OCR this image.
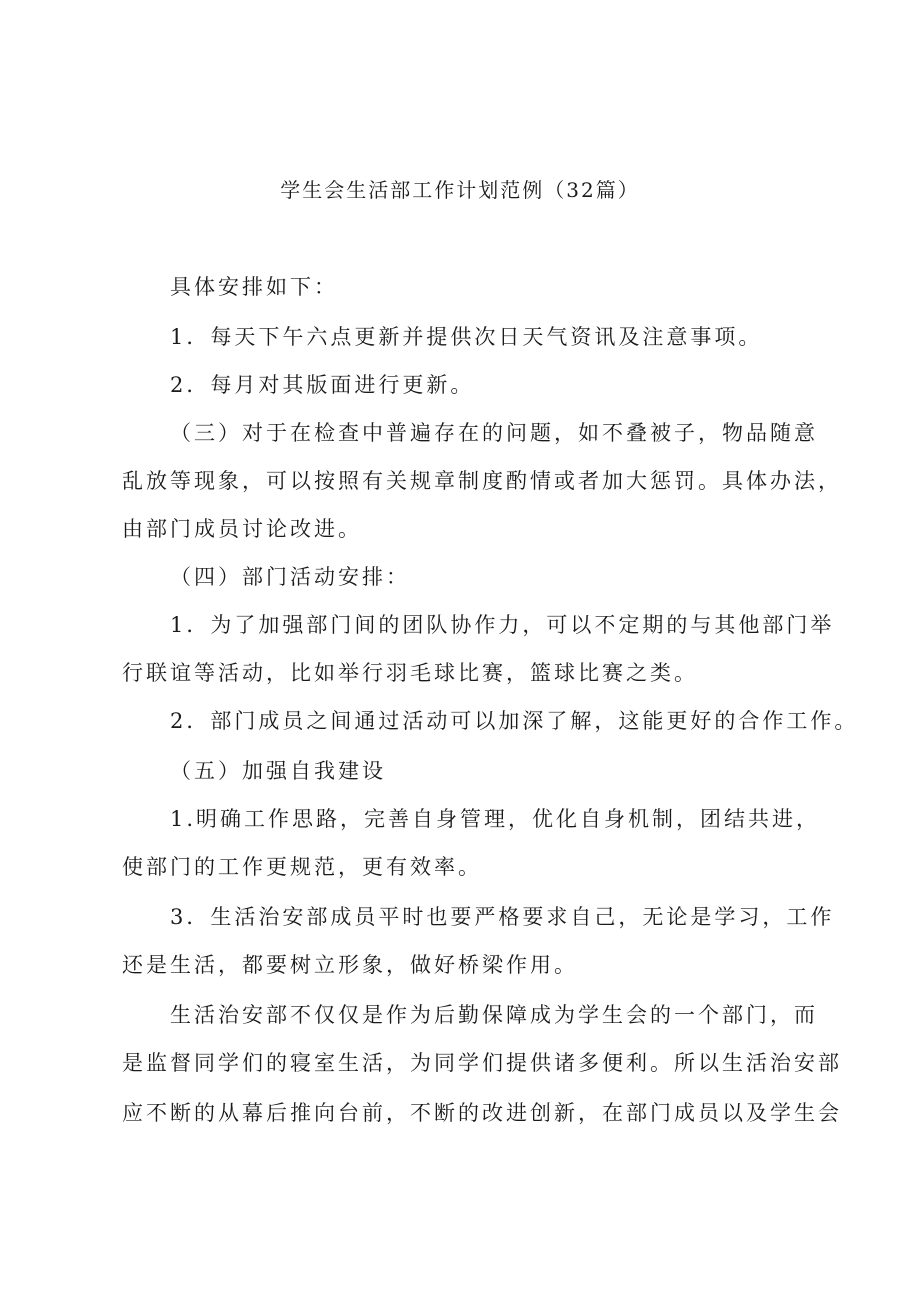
学生会生活部工作计划范例（32篇）
具体安排如下：
1．每天下午六点更新并提供次日天气资讯及注意事项。
2．每月对其版面进行更新。
（三）对于在检查中普遍存在的问题，如不叠被子，物品随意
乱放等现象，可以按照有关规章制度酌情或者加大惩罚。具体办法，
由部门成员讨论改进。
（四）部门活动安排：
1．为了加强部门间的团队协作力，可以不定期的与其他部门举
行联谊等活动，比如举行羽毛球比赛，篮球比赛之类。
2．部门成员之间通过活动可以加深了解，这能更好的合作工作。
（五）加强自我建设
1.明确工作思路，完善自身管理，优化自身机制，团结共进，
使部门的工作更规范，更有效率。
3．生活治安部成员平时也要严格要求自己，无论是学习，工作
还是生活，都要树立形象，做好桥梁作用。
生活治安部不仅仅是作为后勤保障成为学生会的一个部门，而
是监督同学们的寝室生活，为同学们提供诸多便利。所以生活治安部
应不断的从幕后推向台前，不断的改进创新，在部门成员以及学生会
